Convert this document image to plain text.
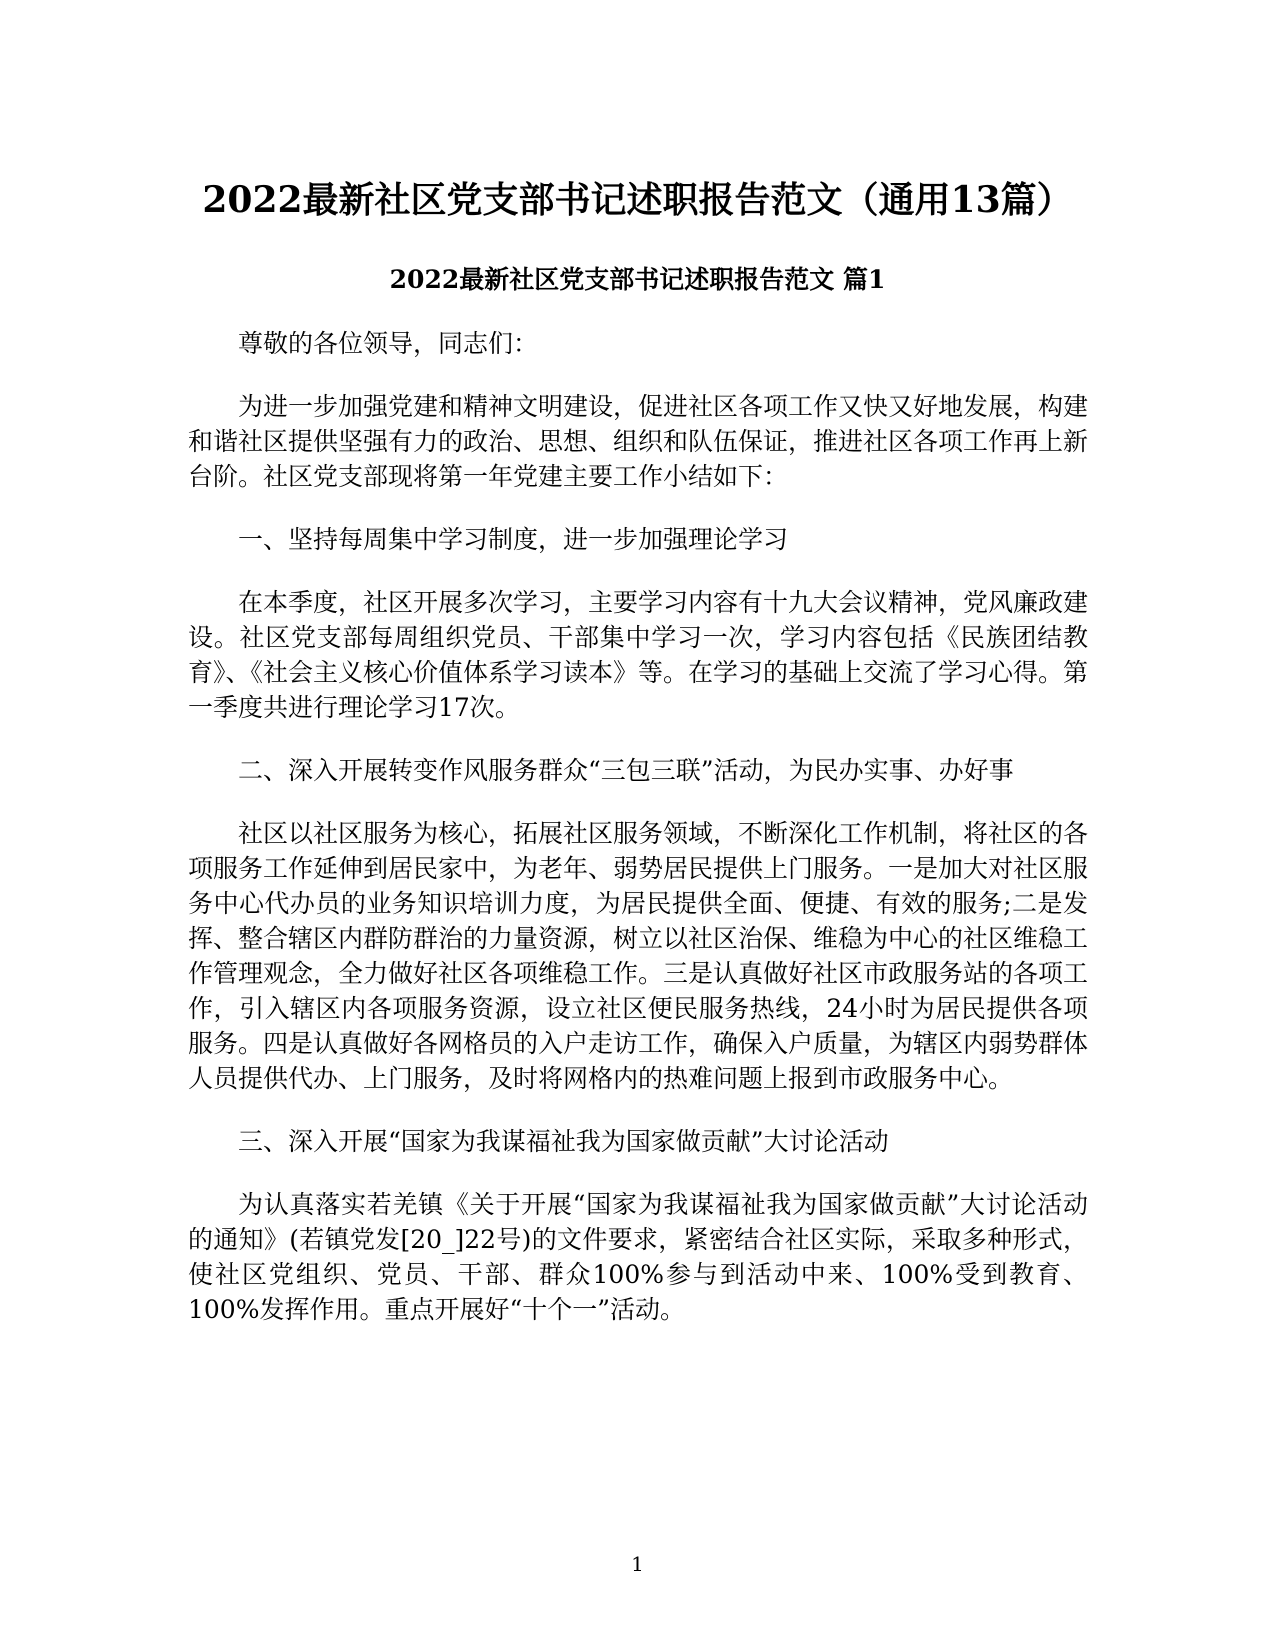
2022最新社区党支部书记述职报告范文（通用13篇）
2022最新社区党支部书记述职报告范文 篇1

尊敬的各位领导，同志们：

为进一步加强党建和精神文明建设，促进社区各项工作又快又好地发展，构建和谐社区提供坚强有力的政治、思想、组织和队伍保证，推进社区各项工作再上新台阶。社区党支部现将第一年党建主要工作小结如下：

一、坚持每周集中学习制度，进一步加强理论学习

在本季度，社区开展多次学习，主要学习内容有十九大会议精神，党风廉政建设。社区党支部每周组织党员、干部集中学习一次，学习内容包括《民族团结教育》、《社会主义核心价值体系学习读本》等。在学习的基础上交流了学习心得。第一季度共进行理论学习17次。

二、深入开展转变作风服务群众“三包三联”活动，为民办实事、办好事

社区以社区服务为核心，拓展社区服务领域，不断深化工作机制，将社区的各项服务工作延伸到居民家中，为老年、弱势居民提供上门服务。一是加大对社区服务中心代办员的业务知识培训力度，为居民提供全面、便捷、有效的服务;二是发挥、整合辖区内群防群治的力量资源，树立以社区治保、维稳为中心的社区维稳工作管理观念，全力做好社区各项维稳工作。三是认真做好社区市政服务站的各项工作，引入辖区内各项服务资源，设立社区便民服务热线，24小时为居民提供各项服务。四是认真做好各网格员的入户走访工作，确保入户质量，为辖区内弱势群体人员提供代办、上门服务，及时将网格内的热难问题上报到市政服务中心。

三、深入开展“国家为我谋福祉我为国家做贡献”大讨论活动

为认真落实若羌镇《关于开展“国家为我谋福祉我为国家做贡献”大讨论活动的通知》(若镇党发[20_]22号)的文件要求，紧密结合社区实际，采取多种形式，使社区党组织、党员、干部、群众100%参与到活动中来、100%受到教育、100%发挥作用。重点开展好“十个一”活动。

1
